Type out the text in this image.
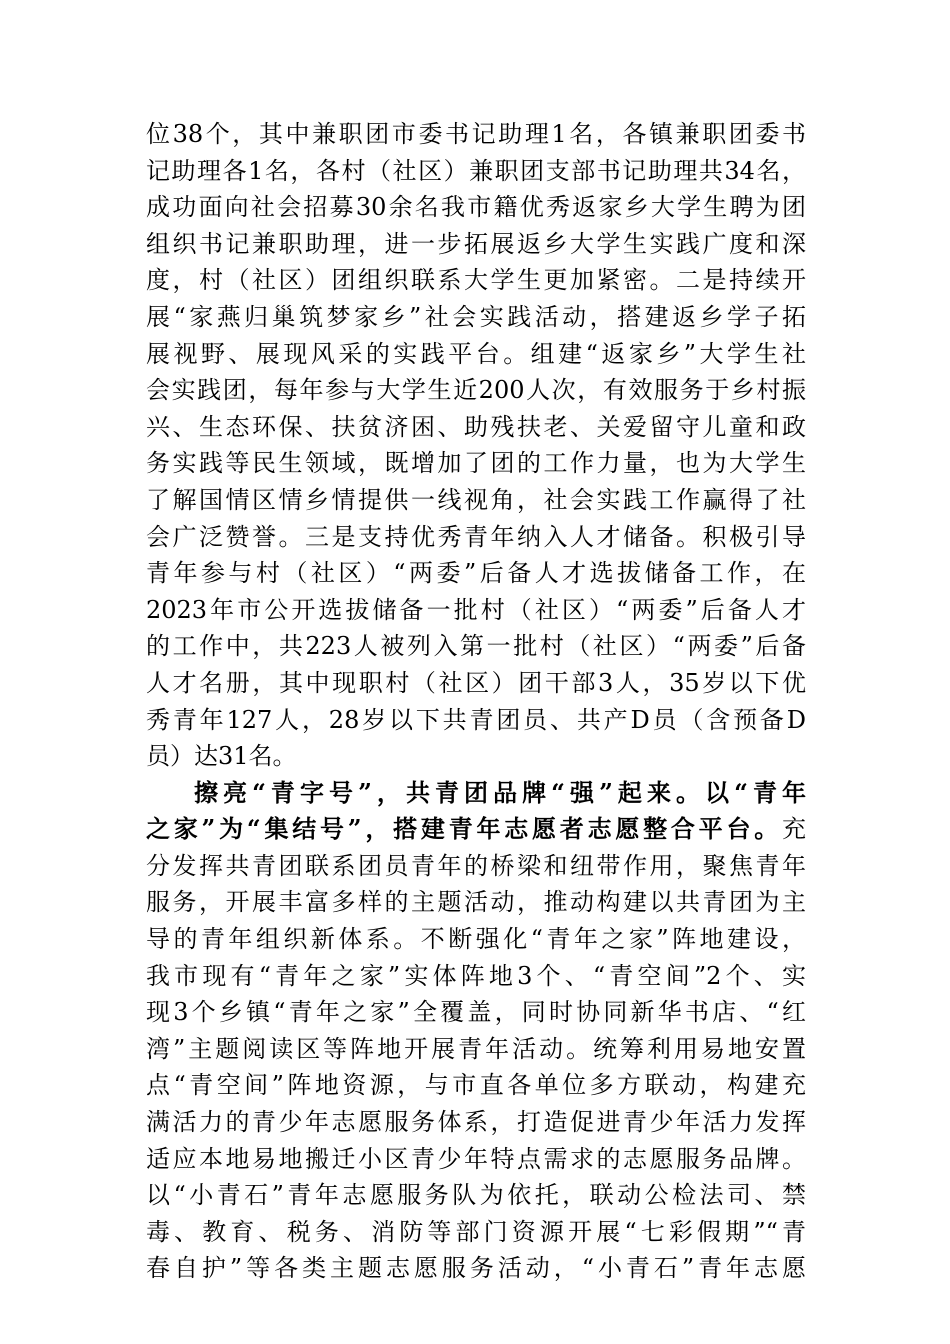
位38个，其中兼职团市委书记助理1名，各镇兼职团委书
记助理各1名，各村（社区）兼职团支部书记助理共34名，
成功面向社会招募30余名我市籍优秀返家乡大学生聘为团
组织书记兼职助理，进一步拓展返乡大学生实践广度和深
度，村（社区）团组织联系大学生更加紧密。二是持续开
展“家燕归巢筑梦家乡”社会实践活动，搭建返乡学子拓
展视野、展现风采的实践平台。组建“返家乡”大学生社
会实践团，每年参与大学生近200人次，有效服务于乡村振
兴、生态环保、扶贫济困、助残扶老、关爱留守儿童和政
务实践等民生领域，既增加了团的工作力量，也为大学生
了解国情区情乡情提供一线视角，社会实践工作赢得了社
会广泛赞誉。三是支持优秀青年纳入人才储备。积极引导
青年参与村（社区）“两委”后备人才选拔储备工作，在
2023年市公开选拔储备一批村（社区）“两委”后备人才
的工作中，共223人被列入第一批村（社区）“两委”后备
人才名册，其中现职村（社区）团干部3人，35岁以下优
秀青年127人，28岁以下共青团员、共产D员（含预备D
员）达31名。
擦亮“青字号”，共青团品牌“强”起来。以“青年
之家”为“集结号”，搭建青年志愿者志愿整合平台。充
分发挥共青团联系团员青年的桥梁和纽带作用，聚焦青年
服务，开展丰富多样的主题活动，推动构建以共青团为主
导的青年组织新体系。不断强化“青年之家”阵地建设，
我市现有“青年之家”实体阵地3个、“青空间”2个、实
现3个乡镇“青年之家”全覆盖，同时协同新华书店、“红
湾”主题阅读区等阵地开展青年活动。统筹利用易地安置
点“青空间”阵地资源，与市直各单位多方联动，构建充
满活力的青少年志愿服务体系，打造促进青少年活力发挥
适应本地易地搬迁小区青少年特点需求的志愿服务品牌。
以“小青石”青年志愿服务队为依托，联动公检法司、禁
毒、教育、税务、消防等部门资源开展“七彩假期”“青
春自护”等各类主题志愿服务活动，“小青石”青年志愿
